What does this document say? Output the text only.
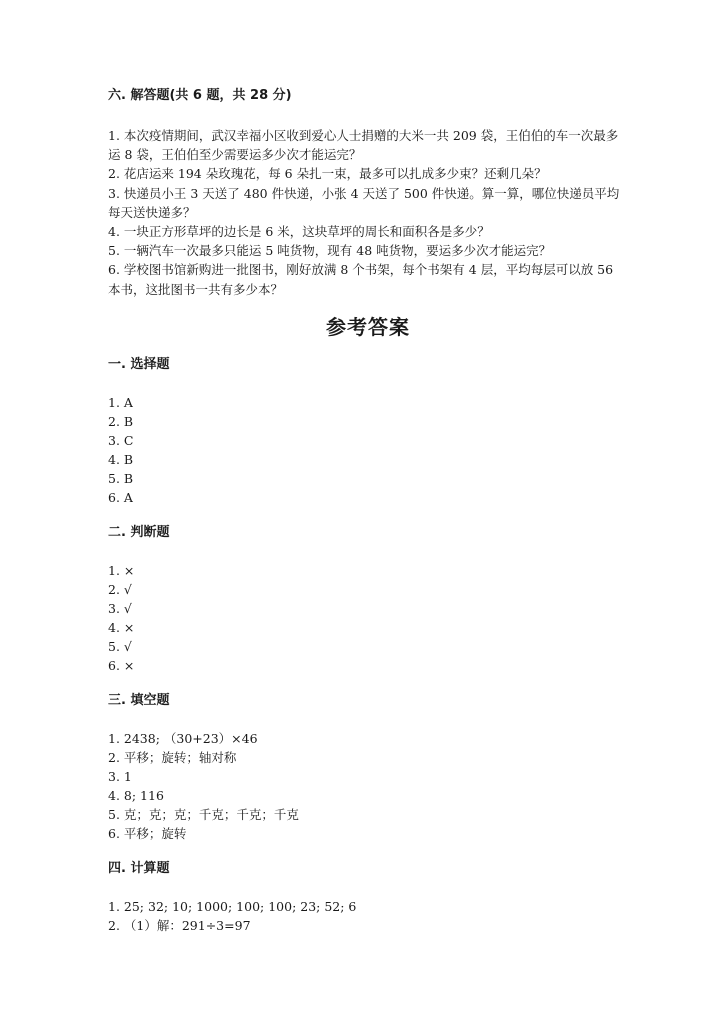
六. 解答题(共 6 题，共 28 分)
1. 本次疫情期间，武汉幸福小区收到爱心人士捐赠的大米一共 209 袋，王伯伯的车一次最多运 8 袋，王伯伯至少需要运多少次才能运完？
2. 花店运来 194 朵玫瑰花，每 6 朵扎一束，最多可以扎成多少束？还剩几朵？
3. 快递员小王 3 天送了 480 件快递，小张 4 天送了 500 件快递。算一算，哪位快递员平均每天送快递多？
4. 一块正方形草坪的边长是 6 米，这块草坪的周长和面积各是多少？
5. 一辆汽车一次最多只能运 5 吨货物，现有 48 吨货物，要运多少次才能运完？
6. 学校图书馆新购进一批图书，刚好放满 8 个书架，每个书架有 4 层，平均每层可以放 56 本书，这批图书一共有多少本？
参考答案
一. 选择题
1. A
2. B
3. C
4. B
5. B
6. A
二. 判断题
1. ×
2. √
3. √
4. ×
5. √
6. ×
三. 填空题
1. 2438; （30+23）×46
2. 平移；旋转；轴对称
3. 1
4. 8; 116
5. 克；克；克；千克；千克；千克
6. 平移；旋转
四. 计算题
1. 25; 32; 10; 1000; 100; 100; 23; 52; 6
2. （1）解：291÷3=97
